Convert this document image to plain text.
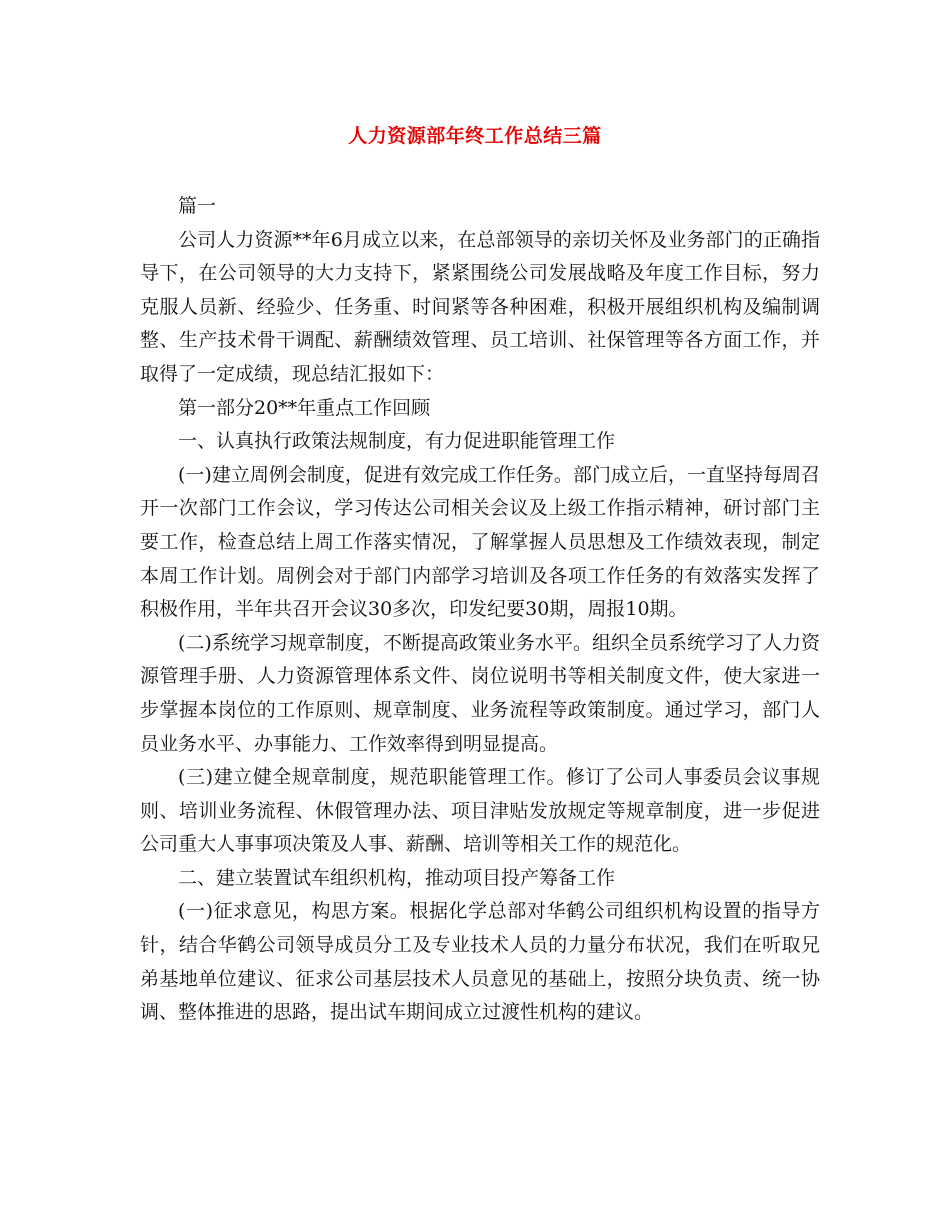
人力资源部年终工作总结三篇

篇一

公司人力资源**年6月成立以来，在总部领导的亲切关怀及业务部门的正确指导下，在公司领导的大力支持下，紧紧围绕公司发展战略及年度工作目标，努力克服人员新、经验少、任务重、时间紧等各种困难，积极开展组织机构及编制调整、生产技术骨干调配、薪酬绩效管理、员工培训、社保管理等各方面工作，并取得了一定成绩，现总结汇报如下：

第一部分20**年重点工作回顾

一、认真执行政策法规制度，有力促进职能管理工作

(一)建立周例会制度，促进有效完成工作任务。部门成立后，一直坚持每周召开一次部门工作会议，学习传达公司相关会议及上级工作指示精神，研讨部门主要工作，检查总结上周工作落实情况，了解掌握人员思想及工作绩效表现，制定本周工作计划。周例会对于部门内部学习培训及各项工作任务的有效落实发挥了积极作用，半年共召开会议30多次，印发纪要30期，周报10期。

(二)系统学习规章制度，不断提高政策业务水平。组织全员系统学习了人力资源管理手册、人力资源管理体系文件、岗位说明书等相关制度文件，使大家进一步掌握本岗位的工作原则、规章制度、业务流程等政策制度。通过学习，部门人员业务水平、办事能力、工作效率得到明显提高。

(三)建立健全规章制度，规范职能管理工作。修订了公司人事委员会议事规则、培训业务流程、休假管理办法、项目津贴发放规定等规章制度，进一步促进公司重大人事事项决策及人事、薪酬、培训等相关工作的规范化。

二、建立装置试车组织机构，推动项目投产筹备工作

(一)征求意见，构思方案。根据化学总部对华鹤公司组织机构设置的指导方针，结合华鹤公司领导成员分工及专业技术人员的力量分布状况，我们在听取兄弟基地单位建议、征求公司基层技术人员意见的基础上，按照分块负责、统一协调、整体推进的思路，提出试车期间成立过渡性机构的建议。
